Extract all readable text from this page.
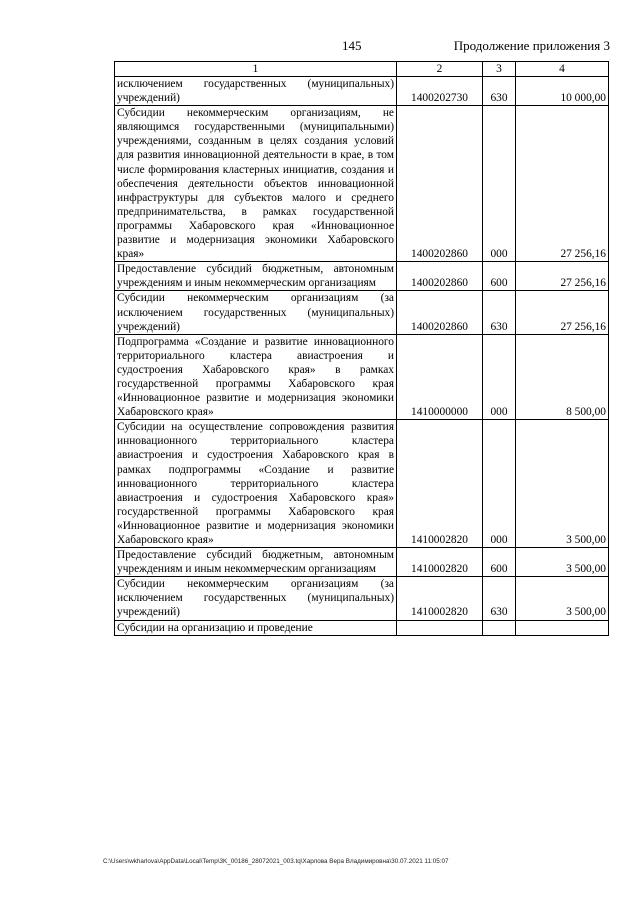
145	Продолжение приложения 3
1	2	3	4
исключением государственных (муниципальных) учреждений)	1400202730	630	10 000,00
Субсидии некоммерческим организациям, не являющимся государственными (муниципальными) учреждениями, созданным в целях создания условий для развития инновационной деятельности в крае, в том числе формирования кластерных инициатив, создания и обеспечения деятельности объектов инновационной инфраструктуры для субъектов малого и среднего предпринимательства, в рамках государственной программы Хабаровского края «Инновационное развитие и модернизация экономики Хабаровского края»	1400202860	000	27 256,16
Предоставление субсидий бюджетным, автономным учреждениям и иным некоммерческим организациям	1400202860	600	27 256,16
Субсидии некоммерческим организациям (за исключением государственных (муниципальных) учреждений)	1400202860	630	27 256,16
Подпрограмма «Создание и развитие инновационного территориального кластера авиастроения и судостроения Хабаровского края» в рамках государственной программы Хабаровского края «Инновационное развитие и модернизация экономики Хабаровского края»	1410000000	000	8 500,00
Субсидии на осуществление сопровождения развития инновационного территориального кластера авиастроения и судостроения Хабаровского края в рамках подпрограммы «Создание и развитие инновационного территориального кластера авиастроения и судостроения Хабаровского края» государственной программы Хабаровского края «Инновационное развитие и модернизация экономики Хабаровского края»	1410002820	000	3 500,00
Предоставление субсидий бюджетным, автономным учреждениям и иным некоммерческим организациям	1410002820	600	3 500,00
Субсидии некоммерческим организациям (за исключением государственных (муниципальных) учреждений)	1410002820	630	3 500,00
Субсидии на организацию и проведение			
C:\Users\wkharlova\AppData\Local\Temp\3K_00186_28072021_003.tq\Харлова Вера Владимировна\30.07.2021 11:05:07
